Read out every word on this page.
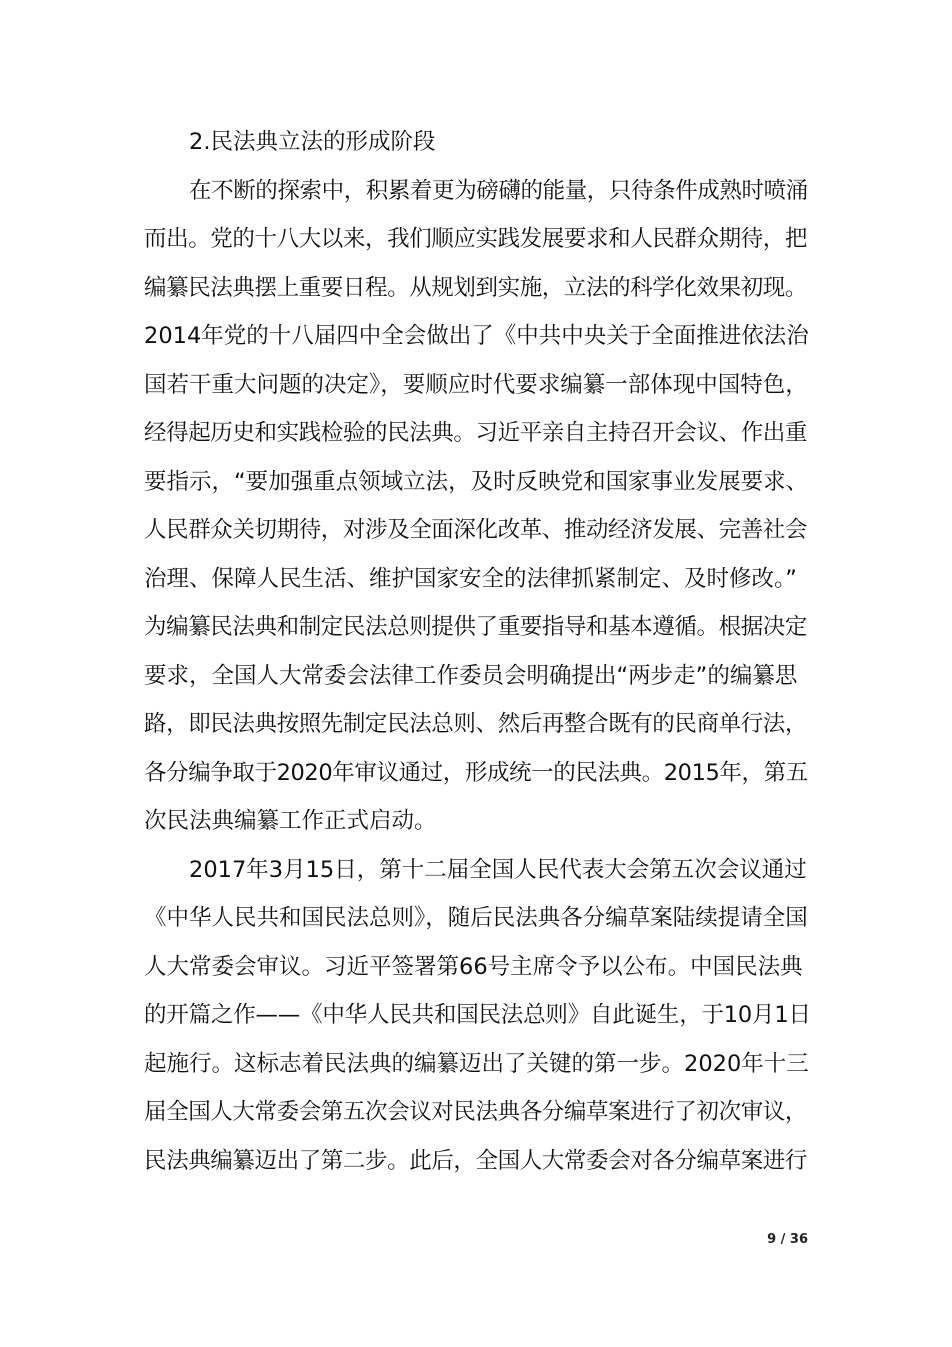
2.民法典立法的形成阶段
在不断的探索中，积累着更为磅礴的能量，只待条件成熟时喷涌
而出。党的十八大以来，我们顺应实践发展要求和人民群众期待，把
编纂民法典摆上重要日程。从规划到实施，立法的科学化效果初现。
2014年党的十八届四中全会做出了《中共中央关于全面推进依法治
国若干重大问题的决定》，要顺应时代要求编纂一部体现中国特色，
经得起历史和实践检验的民法典。习近平亲自主持召开会议、作出重
要指示，“要加强重点领域立法，及时反映党和国家事业发展要求、
人民群众关切期待，对涉及全面深化改革、推动经济发展、完善社会
治理、保障人民生活、维护国家安全的法律抓紧制定、及时修改。”
为编纂民法典和制定民法总则提供了重要指导和基本遵循。根据决定
要求，全国人大常委会法律工作委员会明确提出“两步走”的编纂思
路，即民法典按照先制定民法总则、然后再整合既有的民商单行法，
各分编争取于2020年审议通过，形成统一的民法典。2015年，第五
次民法典编纂工作正式启动。
2017年3月15日，第十二届全国人民代表大会第五次会议通过
《中华人民共和国民法总则》，随后民法典各分编草案陆续提请全国
人大常委会审议。习近平签署第66号主席令予以公布。中国民法典
的开篇之作——《中华人民共和国民法总则》自此诞生，于10月1日
起施行。这标志着民法典的编纂迈出了关键的第一步。2020年十三
届全国人大常委会第五次会议对民法典各分编草案进行了初次审议，
民法典编纂迈出了第二步。此后，全国人大常委会对各分编草案进行
9 / 36
